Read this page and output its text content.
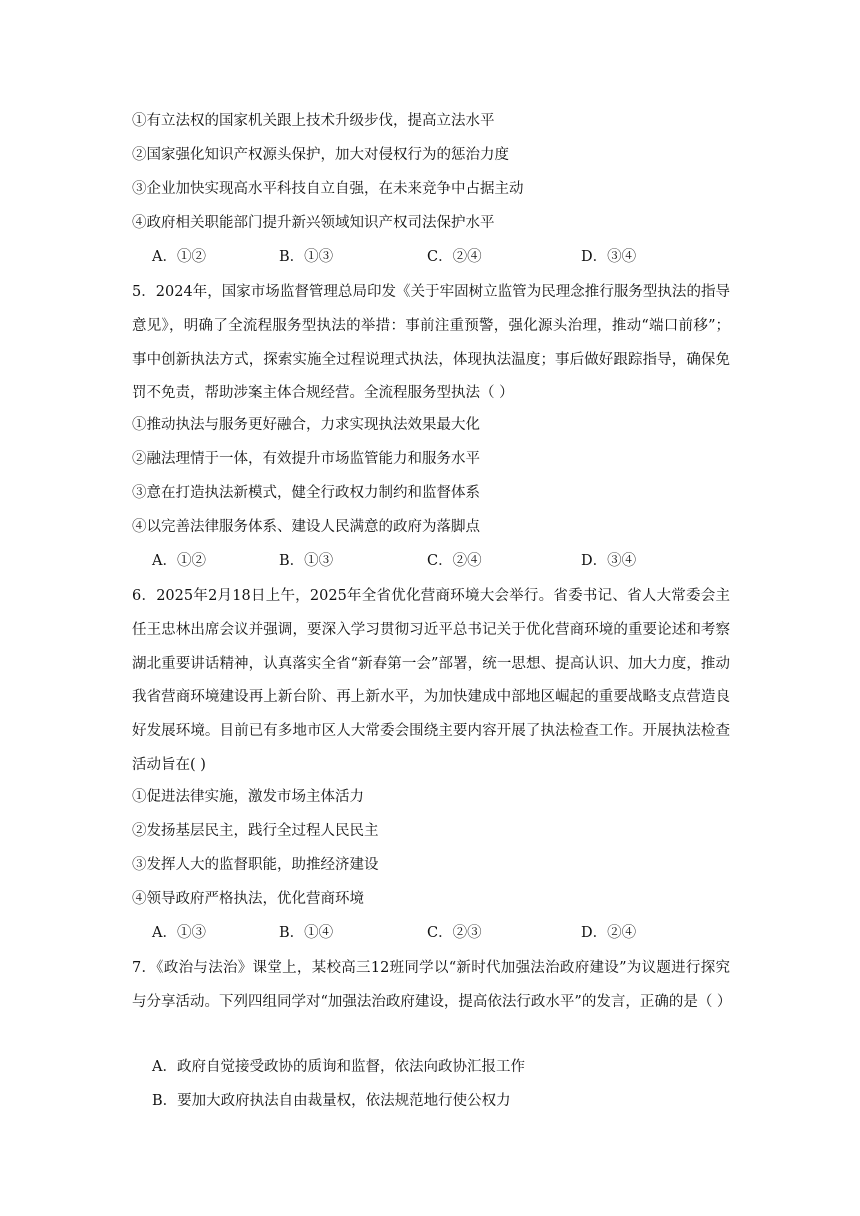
①有立法权的国家机关跟上技术升级步伐，提高立法水平
②国家强化知识产权源头保护，加大对侵权行为的惩治力度
③企业加快实现高水平科技自立自强，在未来竞争中占据主动
④政府相关职能部门提升新兴领域知识产权司法保护水平
A．①②	B．①③	C．②④	D．③④
5．2024年，国家市场监督管理总局印发《关于牢固树立监管为民理念推行服务型执法的指导意见》，明确了全流程服务型执法的举措：事前注重预警，强化源头治理，推动“端口前移”；事中创新执法方式，探索实施全过程说理式执法，体现执法温度；事后做好跟踪指导，确保免罚不免责，帮助涉案主体合规经营。全流程服务型执法（ ）
①推动执法与服务更好融合，力求实现执法效果最大化
②融法理情于一体，有效提升市场监管能力和服务水平
③意在打造执法新模式，健全行政权力制约和监督体系
④以完善法律服务体系、建设人民满意的政府为落脚点
A．①②	B．①③	C．②④	D．③④
6．2025年2月18日上午，2025年全省优化营商环境大会举行。省委书记、省人大常委会主任王忠林出席会议并强调，要深入学习贯彻习近平总书记关于优化营商环境的重要论述和考察湖北重要讲话精神，认真落实全省“新春第一会”部署，统一思想、提高认识、加大力度，推动我省营商环境建设再上新台阶、再上新水平，为加快建成中部地区崛起的重要战略支点营造良好发展环境。目前已有多地市区人大常委会围绕主要内容开展了执法检查工作。开展执法检查活动旨在( )
①促进法律实施，激发市场主体活力
②发扬基层民主，践行全过程人民民主
③发挥人大的监督职能，助推经济建设
④领导政府严格执法，优化营商环境
A．①③	B．①④	C．②③	D．②④
7．《政治与法治》课堂上，某校高三12班同学以“新时代加强法治政府建设”为议题进行探究与分享活动。下列四组同学对“加强法治政府建设，提高依法行政水平”的发言，正确的是（ ）
A．政府自觉接受政协的质询和监督，依法向政协汇报工作
B．要加大政府执法自由裁量权，依法规范地行使公权力
